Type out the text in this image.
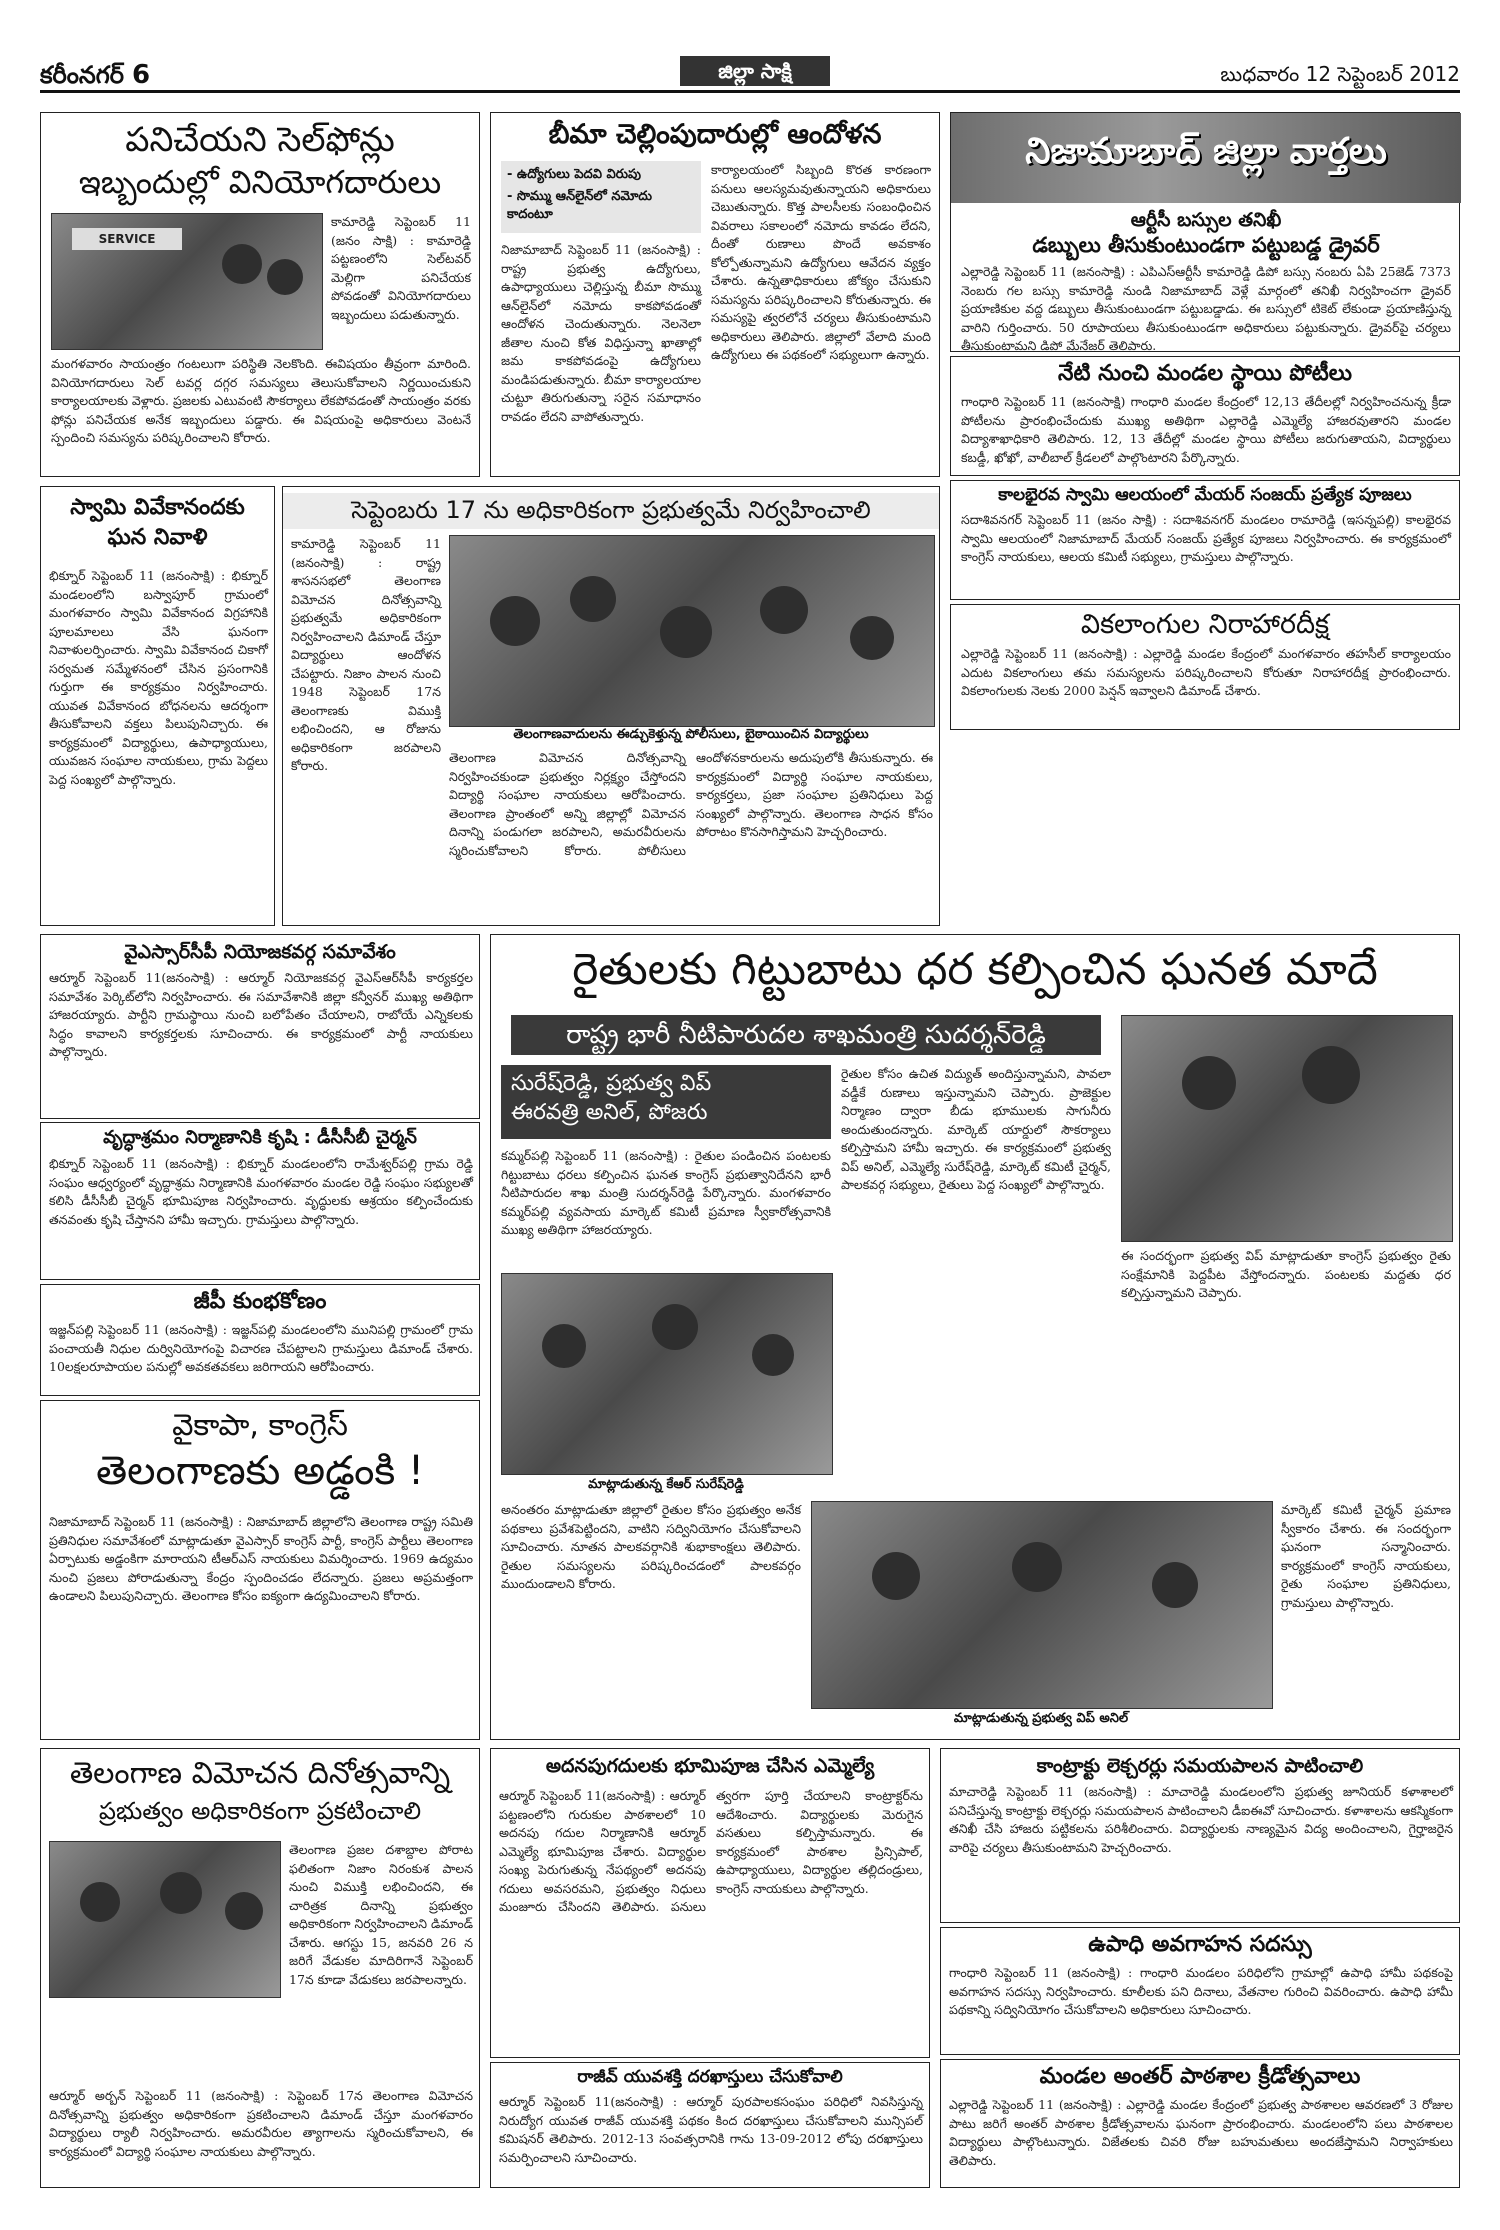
కరీంనగర్ 6	జిల్లా సాక్షి	బుధవారం 12 సెప్టెంబర్ 2012
పనిచేయని సెల్‌ఫోన్లు
ఇబ్బందుల్లో వినియోగదారులు
SERVICE

కామారెడ్డి సెప్టెంబర్ 11 (జనం సాక్షి) : కామారెడ్డి పట్టణంలోని సెల్‌టవర్ మెల్లిగా పనిచేయక పోవడంతో వినియోగదారులు ఇబ్బందులు పడుతున్నారు.

మంగళవారం సాయంత్రం గంటలుగా పరిస్థితి నెలకొంది. ఈవిషయం తీవ్రంగా మారింది. వినియోగదారులు సెల్ టవర్ల దగ్గర సమస్యలు తెలుసుకోవాలని నిర్ణయించుకుని కార్యాలయాలకు వెళ్లారు. ప్రజలకు ఎటువంటి సౌకర్యాలు లేకపోవడంతో సాయంత్రం వరకు ఫోన్లు పనిచేయక అనేక ఇబ్బందులు పడ్డారు. ఈ విషయంపై అధికారులు వెంటనే స్పందించి సమస్యను పరిష్కరించాలని కోరారు.

బీమా చెల్లింపుదారుల్లో ఆందోళన
- ఉద్యోగులు పెదవి విరుపు
- సొమ్ము ఆన్‌లైన్‌లో నమోదు కాదంటూ

నిజామాబాద్ సెప్టెంబర్ 11 (జనంసాక్షి) : రాష్ట్ర ప్రభుత్వ ఉద్యోగులు, ఉపాధ్యాయులు చెల్లిస్తున్న బీమా సొమ్ము ఆన్‌లైన్‌లో నమోదు కాకపోవడంతో ఆందోళన చెందుతున్నారు. నెలనెలా జీతాల నుంచి కోత విధిస్తున్నా ఖాతాల్లో జమ కాకపోవడంపై ఉద్యోగులు మండిపడుతున్నారు. బీమా కార్యాలయాల చుట్టూ తిరుగుతున్నా సరైన సమాధానం రావడం లేదని వాపోతున్నారు.

కార్యాలయంలో సిబ్బంది కొరత కారణంగా పనులు ఆలస్యమవుతున్నాయని అధికారులు చెబుతున్నారు. కొత్త పాలసీలకు సంబంధించిన వివరాలు సకాలంలో నమోదు కావడం లేదని, దీంతో రుణాలు పొందే అవకాశం కోల్పోతున్నామని ఉద్యోగులు ఆవేదన వ్యక్తం చేశారు. ఉన్నతాధికారులు జోక్యం చేసుకుని సమస్యను పరిష్కరించాలని కోరుతున్నారు. ఈ సమస్యపై త్వరలోనే చర్యలు తీసుకుంటామని అధికారులు తెలిపారు. జిల్లాలో వేలాది మంది ఉద్యోగులు ఈ పథకంలో సభ్యులుగా ఉన్నారు.

నిజామాబాద్ జిల్లా వార్తలు
ఆర్టీసీ బస్సుల తనిఖీ
డబ్బులు తీసుకుంటుండగా పట్టుబడ్డ డ్రైవర్

ఎల్లారెడ్డి సెప్టెంబర్ 11 (జనంసాక్షి) : ఎపిఎస్ఆర్టీసీ కామారెడ్డి డిపో బస్సు నంబరు ఏపి 25జెడ్ 7373 నెంబరు గల బస్సు కామారెడ్డి నుండి నిజామాబాద్ వెళ్లే మార్గంలో తనిఖీ నిర్వహించగా డ్రైవర్ ప్రయాణికుల వద్ద డబ్బులు తీసుకుంటుండగా పట్టుబడ్డాడు. ఈ బస్సులో టికెట్ లేకుండా ప్రయాణిస్తున్న వారిని గుర్తించారు. 50 రూపాయలు తీసుకుంటుండగా అధికారులు పట్టుకున్నారు. డ్రైవర్‌పై చర్యలు తీసుకుంటామని డిపో మేనేజర్ తెలిపారు.

నేటి నుంచి మండల స్థాయి పోటీలు

గాంధారి సెప్టెంబర్ 11 (జనంసాక్షి) గాంధారి మండల కేంద్రంలో 12,13 తేదీలల్లో నిర్వహించనున్న క్రీడా పోటీలను ప్రారంభించేందుకు ముఖ్య అతిథిగా ఎల్లారెడ్డి ఎమ్మెల్యే హాజరవుతారని మండల విద్యాశాఖాధికారి తెలిపారు. 12, 13 తేదీల్లో మండల స్థాయి పోటీలు జరుగుతాయని, విద్యార్థులు కబడ్డీ, ఖోఖో, వాలీబాల్ క్రీడలలో పాల్గొంటారని పేర్కొన్నారు.

కాలభైరవ స్వామి ఆలయంలో మేయర్ సంజయ్ ప్రత్యేక పూజలు

సదాశివనగర్ సెప్టెంబర్ 11 (జనం సాక్షి) : సదాశివనగర్ మండలం రామారెడ్డి (ఇసన్నపల్లి) కాలభైరవ స్వామి ఆలయంలో నిజామాబాద్ మేయర్ సంజయ్ ప్రత్యేక పూజలు నిర్వహించారు. ఈ కార్యక్రమంలో కాంగ్రెస్ నాయకులు, ఆలయ కమిటీ సభ్యులు, గ్రామస్తులు పాల్గొన్నారు.

వికలాంగుల నిరాహారదీక్ష

ఎల్లారెడ్డి సెప్టెంబర్ 11 (జనంసాక్షి) : ఎల్లారెడ్డి మండల కేంద్రంలో మంగళవారం తహసీల్ కార్యాలయం ఎదుట వికలాంగులు తమ సమస్యలను పరిష్కరించాలని కోరుతూ నిరాహారదీక్ష ప్రారంభించారు. వికలాంగులకు నెలకు 2000 పెన్షన్ ఇవ్వాలని డిమాండ్ చేశారు.

స్వామి వివేకానందకు
ఘన నివాళి

భిక్నూర్ సెప్టెంబర్ 11 (జనంసాక్షి) : భిక్నూర్ మండలంలోని బస్వాపూర్ గ్రామంలో మంగళవారం స్వామి వివేకానంద విగ్రహానికి పూలమాలలు వేసి ఘనంగా నివాళులర్పించారు. స్వామి వివేకానంద చికాగో సర్వమత సమ్మేళనంలో చేసిన ప్రసంగానికి గుర్తుగా ఈ కార్యక్రమం నిర్వహించారు. యువత వివేకానంద బోధనలను ఆదర్శంగా తీసుకోవాలని వక్తలు పిలుపునిచ్చారు. ఈ కార్యక్రమంలో విద్యార్థులు, ఉపాధ్యాయులు, యువజన సంఘాల నాయకులు, గ్రామ పెద్దలు పెద్ద సంఖ్యలో పాల్గొన్నారు.

సెప్టెంబరు 17 ను అధికారికంగా ప్రభుత్వమే నిర్వహించాలి

కామారెడ్డి సెప్టెంబర్ 11 (జనంసాక్షి) : రాష్ట్ర శాసనసభలో తెలంగాణ విమోచన దినోత్సవాన్ని ప్రభుత్వమే అధికారికంగా నిర్వహించాలని డిమాండ్ చేస్తూ విద్యార్థులు ఆందోళన చేపట్టారు. నిజాం పాలన నుంచి 1948 సెప్టెంబర్ 17న తెలంగాణకు విముక్తి లభించిందని, ఆ రోజును అధికారికంగా జరపాలని కోరారు.

తెలంగాణవాదులను ఈడ్చుకెళ్తున్న పోలీసులు, బైఠాయించిన విద్యార్థులు

తెలంగాణ విమోచన దినోత్సవాన్ని నిర్వహించకుండా ప్రభుత్వం నిర్లక్ష్యం చేస్తోందని విద్యార్థి సంఘాల నాయకులు ఆరోపించారు. తెలంగాణ ప్రాంతంలో అన్ని జిల్లాల్లో విమోచన దినాన్ని పండుగలా జరపాలని, అమరవీరులను స్మరించుకోవాలని కోరారు. పోలీసులు ఆందోళనకారులను అదుపులోకి తీసుకున్నారు. ఈ కార్యక్రమంలో విద్యార్థి సంఘాల నాయకులు, కార్యకర్తలు, ప్రజా సంఘాల ప్రతినిధులు పెద్ద సంఖ్యలో పాల్గొన్నారు. తెలంగాణ సాధన కోసం పోరాటం కొనసాగిస్తామని హెచ్చరించారు.

వైఎస్సార్‌సీపీ నియోజకవర్గ సమావేశం

ఆర్మూర్ సెప్టెంబర్ 11(జనంసాక్షి) : ఆర్మూర్ నియోజకవర్గ వైఎస్ఆర్‌సీపీ కార్యకర్తల సమావేశం పెర్కిట్‌లోని నిర్వహించారు. ఈ సమావేశానికి జిల్లా కన్వీనర్ ముఖ్య అతిథిగా హాజరయ్యారు. పార్టీని గ్రామస్థాయి నుంచి బలోపేతం చేయాలని, రాబోయే ఎన్నికలకు సిద్ధం కావాలని కార్యకర్తలకు సూచించారు. ఈ కార్యక్రమంలో పార్టీ నాయకులు పాల్గొన్నారు.

వృద్ధాశ్రమం నిర్మాణానికి కృషి : డీసీసీబీ చైర్మన్

భిక్నూర్ సెప్టెంబర్ 11 (జనంసాక్షి) : భిక్నూర్ మండలంలోని రామేశ్వర్‌పల్లి గ్రామ రెడ్డి సంఘం ఆధ్వర్యంలో వృద్ధాశ్రమ నిర్మాణానికి మంగళవారం మండల రెడ్డి సంఘం సభ్యులతో కలిసి డీసీసీబీ చైర్మన్ భూమిపూజ నిర్వహించారు. వృద్ధులకు ఆశ్రయం కల్పించేందుకు తనవంతు కృషి చేస్తానని హామీ ఇచ్చారు. గ్రామస్తులు పాల్గొన్నారు.

జీపీ కుంభకోణం

ఇజ్జన్‌పల్లి సెప్టెంబర్ 11 (జనంసాక్షి) : ఇజ్జన్‌పల్లి మండలంలోని మునిపల్లి గ్రామంలో గ్రామ పంచాయతీ నిధుల దుర్వినియోగంపై విచారణ చేపట్టాలని గ్రామస్తులు డిమాండ్ చేశారు. 10లక్షలరూపాయల పనుల్లో అవకతవకలు జరిగాయని ఆరోపించారు.

వైకాపా, కాంగ్రెస్
తెలంగాణకు అడ్డంకి !

నిజామాబాద్ సెప్టెంబర్ 11 (జనంసాక్షి) : నిజామాబాద్ జిల్లాలోని తెలంగాణ రాష్ట్ర సమితి ప్రతినిధుల సమావేశంలో మాట్లాడుతూ వైఎస్సార్ కాంగ్రెస్ పార్టీ, కాంగ్రెస్ పార్టీలు తెలంగాణ ఏర్పాటుకు అడ్డంకిగా మారాయని టీఆర్ఎస్ నాయకులు విమర్శించారు. 1969 ఉద్యమం నుంచి ప్రజలు పోరాడుతున్నా కేంద్రం స్పందించడం లేదన్నారు. ప్రజలు అప్రమత్తంగా ఉండాలని పిలుపునిచ్చారు. తెలంగాణ కోసం ఐక్యంగా ఉద్యమించాలని కోరారు.

రైతులకు గిట్టుబాటు ధర కల్పించిన ఘనత మాదే
రాష్ట్ర భారీ నీటిపారుదల శాఖమంత్రి సుదర్శన్‌రెడ్డి
సురేష్‌రెడ్డి, ప్రభుత్వ విప్
ఈరవత్రి అనిల్, పోజరు

కమ్మర్‌పల్లి సెప్టెంబర్ 11 (జనంసాక్షి) : రైతుల పండించిన పంటలకు గిట్టుబాటు ధరలు కల్పించిన ఘనత కాంగ్రెస్ ప్రభుత్వానిదేనని భారీ నీటిపారుదల శాఖ మంత్రి సుదర్శన్‌రెడ్డి పేర్కొన్నారు. మంగళవారం కమ్మర్‌పల్లి వ్యవసాయ మార్కెట్ కమిటీ ప్రమాణ స్వీకారోత్సవానికి ముఖ్య అతిథిగా హాజరయ్యారు.

మాట్లాడుతున్న కేఆర్ సురేష్‌రెడ్డి

రైతుల కోసం ఉచిత విద్యుత్ అందిస్తున్నామని, పావలా వడ్డీకే రుణాలు ఇస్తున్నామని చెప్పారు. ప్రాజెక్టుల నిర్మాణం ద్వారా బీడు భూములకు సాగునీరు అందుతుందన్నారు. మార్కెట్ యార్డులో సౌకర్యాలు కల్పిస్తామని హామీ ఇచ్చారు. ఈ కార్యక్రమంలో ప్రభుత్వ విప్ అనిల్, ఎమ్మెల్యే సురేష్‌రెడ్డి, మార్కెట్ కమిటీ చైర్మన్, పాలకవర్గ సభ్యులు, రైతులు పెద్ద సంఖ్యలో పాల్గొన్నారు.

ఈ సందర్భంగా ప్రభుత్వ విప్ మాట్లాడుతూ కాంగ్రెస్ ప్రభుత్వం రైతు సంక్షేమానికి పెద్దపీట వేస్తోందన్నారు. పంటలకు మద్దతు ధర కల్పిస్తున్నామని చెప్పారు.

అనంతరం మాట్లాడుతూ జిల్లాలో రైతుల కోసం ప్రభుత్వం అనేక పథకాలు ప్రవేశపెట్టిందని, వాటిని సద్వినియోగం చేసుకోవాలని సూచించారు. నూతన పాలకవర్గానికి శుభాకాంక్షలు తెలిపారు. రైతుల సమస్యలను పరిష్కరించడంలో పాలకవర్గం ముందుండాలని కోరారు.

మాట్లాడుతున్న ప్రభుత్వ విప్ అనిల్

మార్కెట్ కమిటీ చైర్మన్ ప్రమాణ స్వీకారం చేశారు. ఈ సందర్భంగా ఘనంగా సన్మానించారు. కార్యక్రమంలో కాంగ్రెస్ నాయకులు, రైతు సంఘాల ప్రతినిధులు, గ్రామస్తులు పాల్గొన్నారు.

తెలంగాణ విమోచన దినోత్సవాన్ని
ప్రభుత్వం అధికారికంగా ప్రకటించాలి

తెలంగాణ ప్రజల దశాబ్దాల పోరాట ఫలితంగా నిజాం నిరంకుశ పాలన నుంచి విముక్తి లభించిందని, ఈ చారిత్రక దినాన్ని ప్రభుత్వం అధికారికంగా నిర్వహించాలని డిమాండ్ చేశారు. ఆగస్టు 15, జనవరి 26 న జరిగే వేడుకల మాదిరిగానే సెప్టెంబర్ 17న కూడా వేడుకలు జరపాలన్నారు.

ఆర్మూర్ అర్బన్ సెప్టెంబర్ 11 (జనంసాక్షి) : సెప్టెంబర్ 17న తెలంగాణ విమోచన దినోత్సవాన్ని ప్రభుత్వం అధికారికంగా ప్రకటించాలని డిమాండ్ చేస్తూ మంగళవారం విద్యార్థులు ర్యాలీ నిర్వహించారు. అమరవీరుల త్యాగాలను స్మరించుకోవాలని, ఈ కార్యక్రమంలో విద్యార్థి సంఘాల నాయకులు పాల్గొన్నారు.

అదనపుగదులకు భూమిపూజ చేసిన ఎమ్మెల్యే

ఆర్మూర్ సెప్టెంబర్ 11(జనంసాక్షి) : ఆర్మూర్ పట్టణంలోని గురుకుల పాఠశాలలో 10 అదనపు గదుల నిర్మాణానికి ఆర్మూర్ ఎమ్మెల్యే భూమిపూజ చేశారు. విద్యార్థుల సంఖ్య పెరుగుతున్న నేపథ్యంలో అదనపు గదులు అవసరమని, ప్రభుత్వం నిధులు మంజూరు చేసిందని తెలిపారు. పనులు త్వరగా పూర్తి చేయాలని కాంట్రాక్టర్‌ను ఆదేశించారు. విద్యార్థులకు మెరుగైన వసతులు కల్పిస్తామన్నారు. ఈ కార్యక్రమంలో పాఠశాల ప్రిన్సిపాల్, ఉపాధ్యాయులు, విద్యార్థుల తల్లిదండ్రులు, కాంగ్రెస్ నాయకులు పాల్గొన్నారు.

రాజీవ్ యువశక్తి దరఖాస్తులు చేసుకోవాలి

ఆర్మూర్ సెప్టెంబర్ 11(జనంసాక్షి) : ఆర్మూర్ పురపాలకసంఘం పరిధిలో నివసిస్తున్న నిరుద్యోగ యువత రాజీవ్ యువశక్తి పథకం కింద దరఖాస్తులు చేసుకోవాలని మున్సిపల్ కమిషనర్ తెలిపారు. 2012-13 సంవత్సరానికి గాను 13-09-2012 లోపు దరఖాస్తులు సమర్పించాలని సూచించారు.

కాంట్రాక్టు లెక్చరర్లు సమయపాలన పాటించాలి

మాచారెడ్డి సెప్టెంబర్ 11 (జనంసాక్షి) : మాచారెడ్డి మండలంలోని ప్రభుత్వ జూనియర్ కళాశాలలో పనిచేస్తున్న కాంట్రాక్టు లెక్చరర్లు సమయపాలన పాటించాలని డీఐఈవో సూచించారు. కళాశాలను ఆకస్మికంగా తనిఖీ చేసి హాజరు పట్టికలను పరిశీలించారు. విద్యార్థులకు నాణ్యమైన విద్య అందించాలని, గైర్హాజరైన వారిపై చర్యలు తీసుకుంటామని హెచ్చరించారు.

ఉపాధి అవగాహన సదస్సు

గాంధారి సెప్టెంబర్ 11 (జనంసాక్షి) : గాంధారి మండలం పరిధిలోని గ్రామాల్లో ఉపాధి హామీ పథకంపై అవగాహన సదస్సు నిర్వహించారు. కూలీలకు పని దినాలు, వేతనాల గురించి వివరించారు. ఉపాధి హామీ పథకాన్ని సద్వినియోగం చేసుకోవాలని అధికారులు సూచించారు.

మండల అంతర్ పాఠశాల క్రీడోత్సవాలు

ఎల్లారెడ్డి సెప్టెంబర్ 11 (జనంసాక్షి) : ఎల్లారెడ్డి మండల కేంద్రంలో ప్రభుత్వ పాఠశాలల ఆవరణలో 3 రోజుల పాటు జరిగే అంతర్ పాఠశాల క్రీడోత్సవాలను ఘనంగా ప్రారంభించారు. మండలంలోని పలు పాఠశాలల విద్యార్థులు పాల్గొంటున్నారు. విజేతలకు చివరి రోజు బహుమతులు అందజేస్తామని నిర్వాహకులు తెలిపారు.
